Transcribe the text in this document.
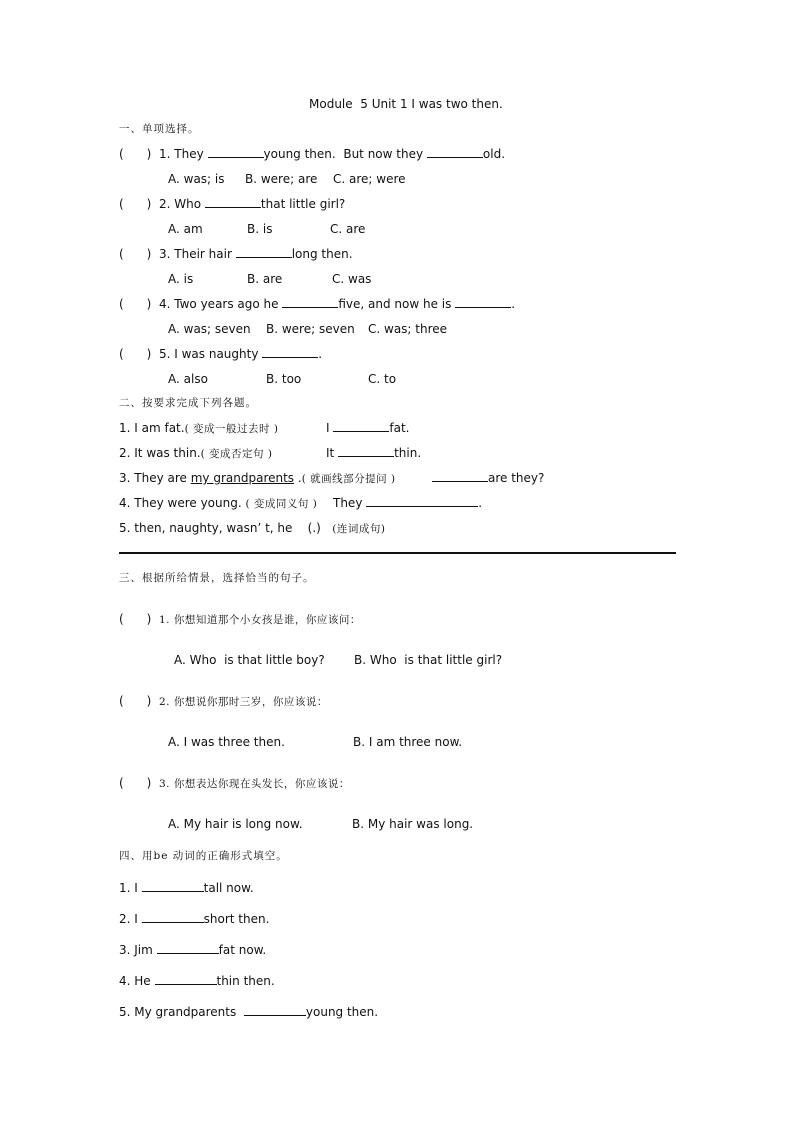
Module  5 Unit 1 I was two then.
一、单项选择。
(      ) 1. They	young then.  But now they	old.
A. was; is B. were; are C. are; were
(      ) 2. Who	that little girl?
A. am	B. is	C. are
(      ) 3. Their hair	long then.
A. is	B. are	C. was
(      ) 4. Two years ago he	five, and now he is	.
A. was; seven B. were; seven C. was; three
(      ) 5. I was naughty	.
A. also	B. too	C. to
二、按要求完成下列各题。
1. I am fat.( 变成一般过去时 )	I	fat.
2. It was thin.( 变成否定句 )	It	thin.
3. They are my grandparents .( 就画线部分提问 )	are they?
4. They were young. ( 变成同义句 ) They	.
5. then, naughty, wasn’ t, he (.) (连词成句)
三、根据所给情景，选择恰当的句子。
(      ) 1. 你想知道那个小女孩是谁，你应该问：
A. Who  is that little boy? B. Who  is that little girl?
(      ) 2. 你想说你那时三岁，你应该说：
A. I was three then.	B. I am three now.
(      ) 3. 你想表达你现在头发长，你应该说：
A. My hair is long now.	B. My hair was long.
四、用be 动词的正确形式填空。
1. I	tall now.
2. I	short then.
3. Jim	fat now.
4. He	thin then.
5. My grandparents	young then.
